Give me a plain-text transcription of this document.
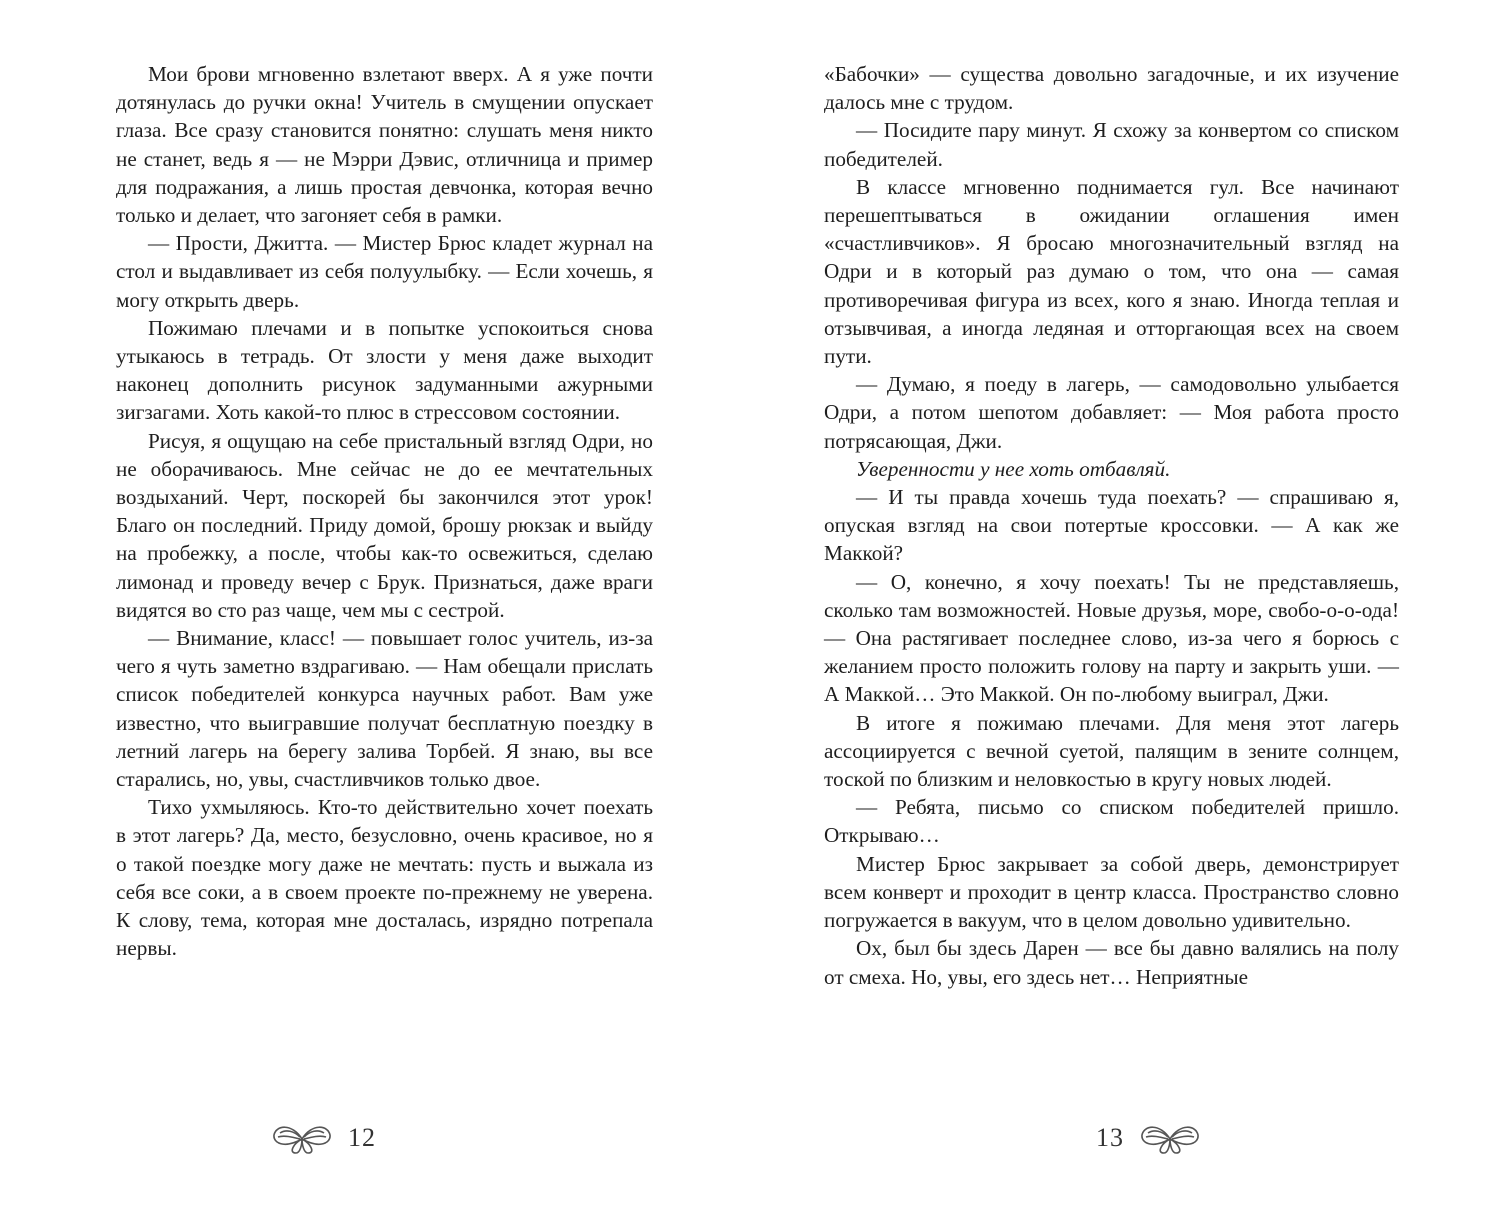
Мои брови мгновенно взлетают вверх. А я уже почти дотянулась до ручки окна! Учитель в смущении опускает глаза. Все сразу становится понятно: слушать меня никто не станет, ведь я — не Мэрри Дэвис, отличница и пример для подражания, а лишь простая девчонка, которая вечно только и делает, что загоняет себя в рамки.

— Прости, Джитта. — Мистер Брюс кладет журнал на стол и выдавливает из себя полуулыбку. — Если хочешь, я могу открыть дверь.

Пожимаю плечами и в попытке успокоиться снова утыкаюсь в тетрадь. От злости у меня даже выходит наконец дополнить рисунок задуманными ажурными зигзагами. Хоть какой-то плюс в стрессовом состоянии.

Рисуя, я ощущаю на себе пристальный взгляд Одри, но не оборачиваюсь. Мне сейчас не до ее мечтательных воздыханий. Черт, поскорей бы закончился этот урок! Благо он последний. Приду домой, брошу рюкзак и выйду на пробежку, а после, чтобы как-то освежиться, сделаю лимонад и проведу вечер с Брук. Признаться, даже враги видятся во сто раз чаще, чем мы с сестрой.

— Внимание, класс! — повышает голос учитель, из-за чего я чуть заметно вздрагиваю. — Нам обещали прислать список победителей конкурса научных работ. Вам уже известно, что выигравшие получат бесплатную поездку в летний лагерь на берегу залива Торбей. Я знаю, вы все старались, но, увы, счастливчиков только двое.

Тихо ухмыляюсь. Кто-то действительно хочет поехать в этот лагерь? Да, место, безусловно, очень красивое, но я о такой поездке могу даже не мечтать: пусть и выжала из себя все соки, а в своем проекте по-прежнему не уверена. К слову, тема, которая мне досталась, изрядно потрепала нервы.

12

«Бабочки» — существа довольно загадочные, и их изучение далось мне с трудом.

— Посидите пару минут. Я схожу за конвертом со списком победителей.

В классе мгновенно поднимается гул. Все начинают перешептываться в ожидании оглашения имен «счастливчиков». Я бросаю многозначительный взгляд на Одри и в который раз думаю о том, что она — самая противоречивая фигура из всех, кого я знаю. Иногда теплая и отзывчивая, а иногда ледяная и отторгающая всех на своем пути.

— Думаю, я поеду в лагерь, — самодовольно улыбается Одри, а потом шепотом добавляет: — Моя работа просто потрясающая, Джи.

Уверенности у нее хоть отбавляй.

— И ты правда хочешь туда поехать? — спрашиваю я, опуская взгляд на свои потертые кроссовки. — А как же Маккой?

— О, конечно, я хочу поехать! Ты не представляешь, сколько там возможностей. Новые друзья, море, свобо-о-о-ода! — Она растягивает последнее слово, из-за чего я борюсь с желанием просто положить голову на парту и закрыть уши. — А Маккой… Это Маккой. Он по-любому выиграл, Джи.

В итоге я пожимаю плечами. Для меня этот лагерь ассоциируется с вечной суетой, палящим в зените солнцем, тоской по близким и неловкостью в кругу новых людей.

— Ребята, письмо со списком победителей пришло. Открываю…

Мистер Брюс закрывает за собой дверь, демонстрирует всем конверт и проходит в центр класса. Пространство словно погружается в вакуум, что в целом довольно удивительно.

Ох, был бы здесь Дарен — все бы давно валялись на полу от смеха. Но, увы, его здесь нет… Неприятные

13
